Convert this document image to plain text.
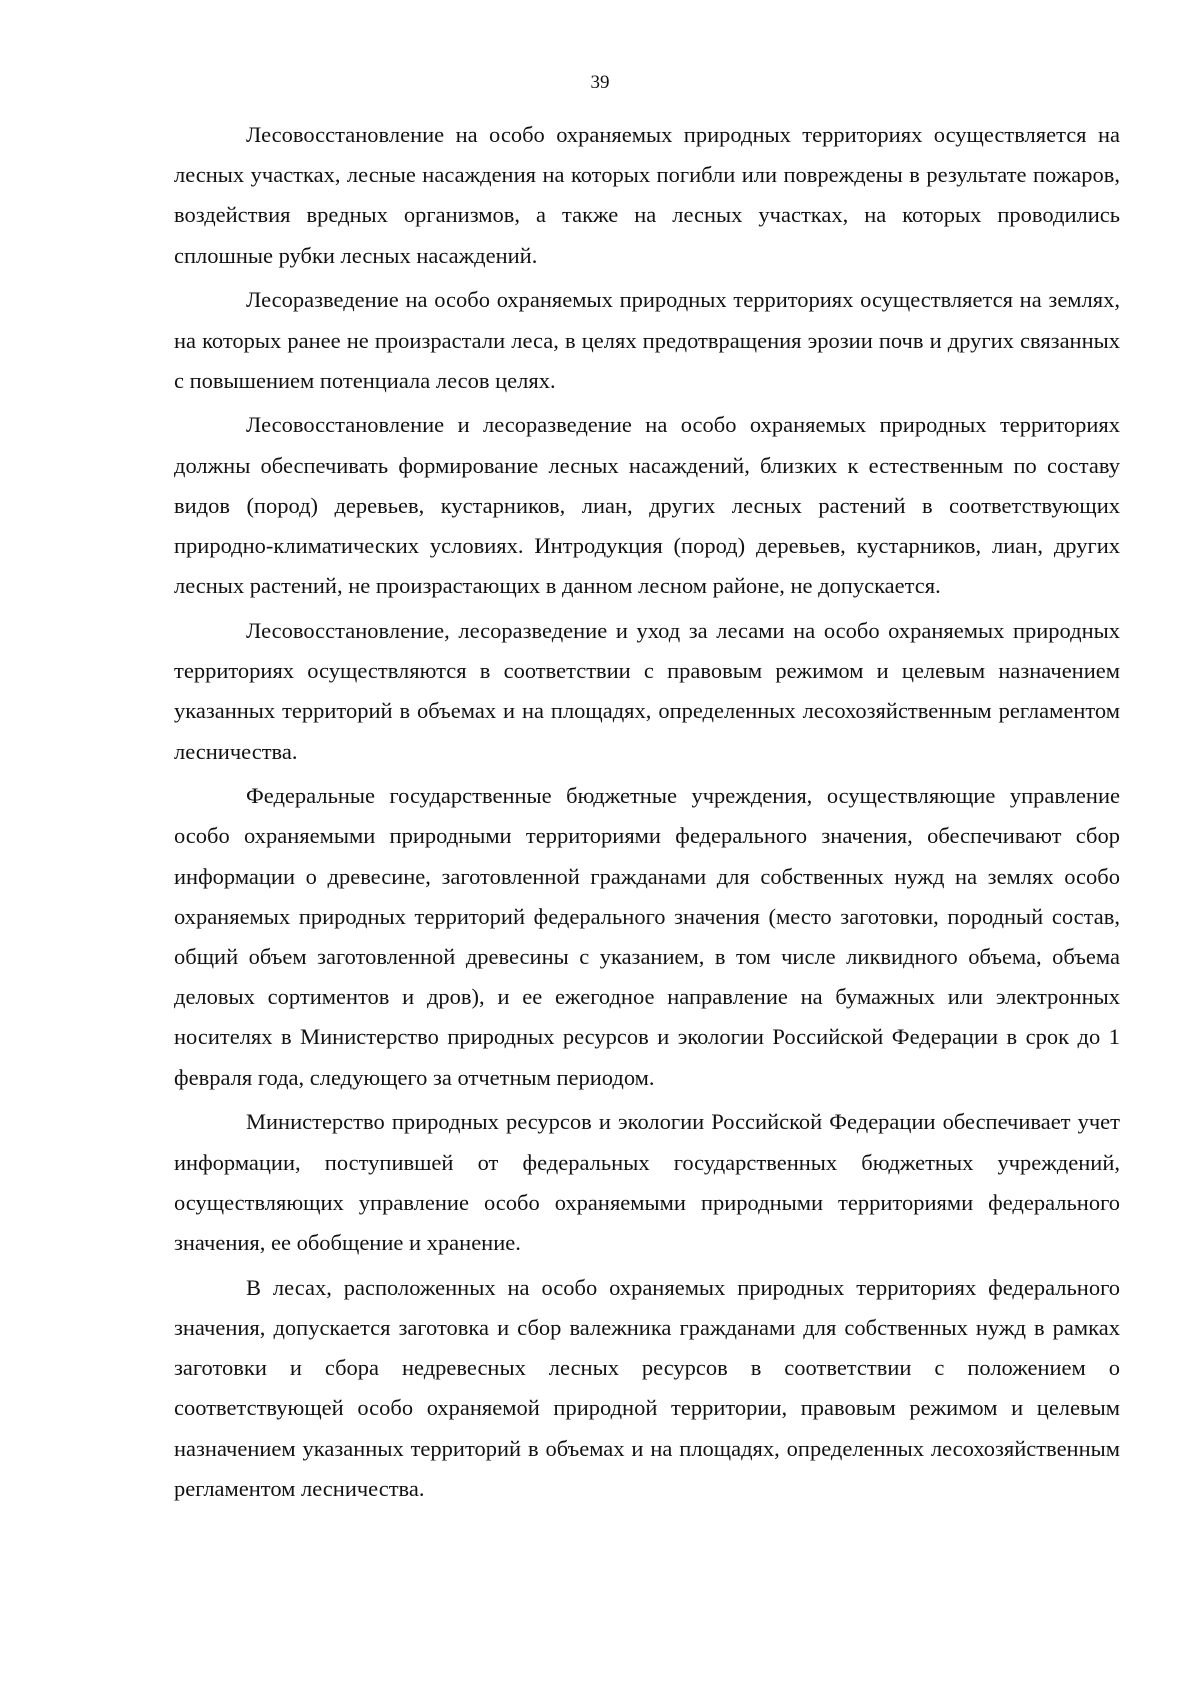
39

Лесовосстановление на особо охраняемых природных территориях осуществляется на лесных участках, лесные насаждения на которых погибли или повреждены в результате пожаров, воздействия вредных организмов, а также на лесных участках, на которых проводились сплошные рубки лесных насаждений.

Лесоразведение на особо охраняемых природных территориях осуществляется на землях, на которых ранее не произрастали леса, в целях предотвращения эрозии почв и других связанных с повышением потенциала лесов целях.

Лесовосстановление и лесоразведение на особо охраняемых природных территориях должны обеспечивать формирование лесных насаждений, близких к естественным по составу видов (пород) деревьев, кустарников, лиан, других лесных растений в соответствующих природно-климатических условиях. Интродукция (пород) деревьев, кустарников, лиан, других лесных растений, не произрастающих в данном лесном районе, не допускается.

Лесовосстановление, лесоразведение и уход за лесами на особо охраняемых природных территориях осуществляются в соответствии с правовым режимом и целевым назначением указанных территорий в объемах и на площадях, определенных лесохозяйственным регламентом лесничества.

Федеральные государственные бюджетные учреждения, осуществляющие управление особо охраняемыми природными территориями федерального значения, обеспечивают сбор информации о древесине, заготовленной гражданами для собственных нужд на землях особо охраняемых природных территорий федерального значения (место заготовки, породный состав, общий объем заготовленной древесины с указанием, в том числе ликвидного объема, объема деловых сортиментов и дров), и ее ежегодное направление на бумажных или электронных носителях в Министерство природных ресурсов и экологии Российской Федерации в срок до 1 февраля года, следующего за отчетным периодом.

Министерство природных ресурсов и экологии Российской Федерации обеспечивает учет информации, поступившей от федеральных государственных бюджетных учреждений, осуществляющих управление особо охраняемыми природными территориями федерального значения, ее обобщение и хранение.

В лесах, расположенных на особо охраняемых природных территориях федерального значения, допускается заготовка и сбор валежника гражданами для собственных нужд в рамках заготовки и сбора недревесных лесных ресурсов в соответствии с положением о соответствующей особо охраняемой природной территории, правовым режимом и целевым назначением указанных территорий в объемах и на площадях, определенных лесохозяйственным регламентом лесничества.
